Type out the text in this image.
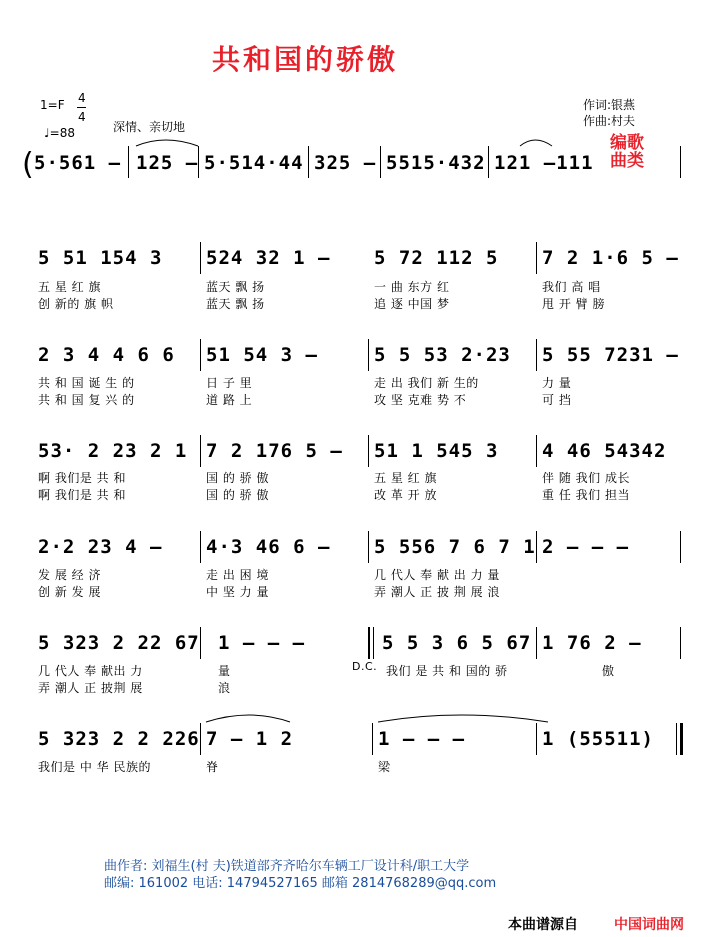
共和国的骄傲
1=F 4
4
♩=88	深情、亲切地
作词:银燕
作曲:村夫
编歌曲类
( 5·561 – 125 – 5·514·44 325 – 5515·432 121 –111
5 51 154 3 524 32 1 – 5 72 112 5 7 2 1·6 5 –
五 星 红 旗	蓝天 飘 扬	一 曲 东方 红	我们 高 唱
创 新的 旗 帜	蓝天 飘 扬	追 逐 中国 梦	甩 开 臂 膀
2 3 4 4 6 6 51 54 3 –	5 5 53 2·23 5 55 7231 –
共 和 国 诞 生 的	日 子 里	走 出 我们 新 生的	力 量
共 和 国 复 兴 的	道 路 上	攻 坚 克难 势 不	可 挡
53· 2 23 2 1 7 2 176 5 – 51 1 545 3 4 46 54342
啊 我们是 共 和	国 的 骄 傲	五 星 红 旗	伴 随 我们 成长
啊 我们是 共 和	国 的 骄 傲	改 革 开 放	重 任 我们 担当
2·2 23 4 – 4·3 46 6 – 5 556 7 6 7 1 2 – – –
发 展 经 济	走 出 困 境	几 代人 奉 献 出 力 量
创 新 发 展	中 坚 力 量	弄 潮人 正 披 荆 展 浪
5 323 2 22 67 1 – – –	5 5 3 6 5 67 1 76 2 –
几 代人 奉 献出 力	量	D.C. 我们 是 共 和 国的 骄	傲
弄 潮人 正 披荆 展	浪
5 323 2 2 226 7 – 1 2	1 – – –	1 (55511)
我们是 中 华 民族的	脊	梁
曲作者: 刘福生(村 夫)铁道部齐齐哈尔车辆工厂设计科/职工大学
邮编: 161002 电话: 14794527165 邮箱 2814768289@qq.com
本曲谱源自	中国词曲网
